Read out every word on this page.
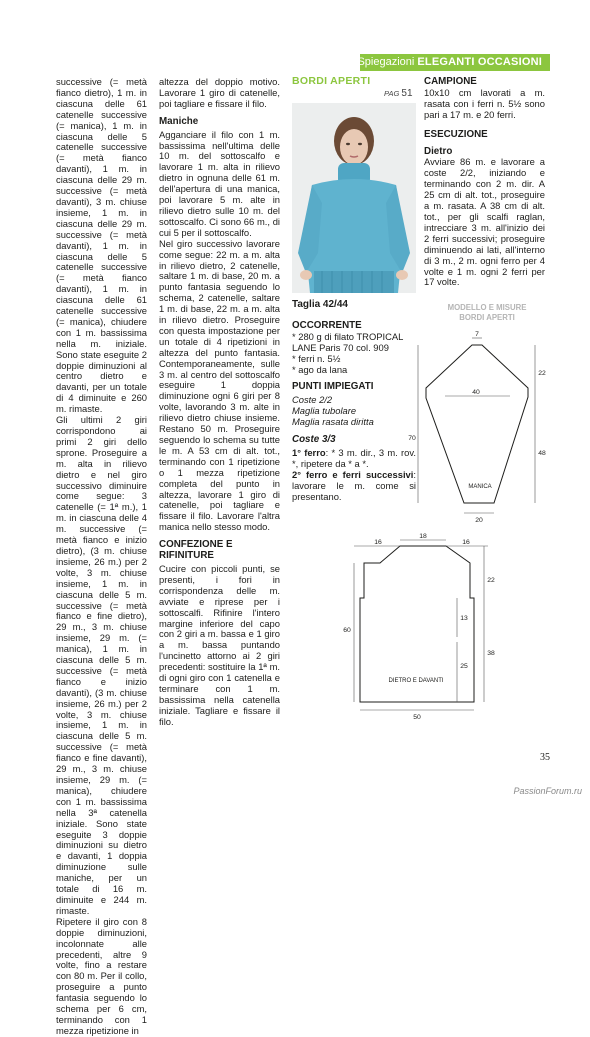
Spiegazioni ELEGANTI OCCASIONI

successive (= metà fianco dietro), 1 m. in ciascuna delle 61 catenelle successive (= manica), 1 m. in ciascuna delle 5 catenelle successive (= metà fianco davanti), 1 m. in ciascuna delle 29 m. successive (= metà davanti), 3 m. chiuse insieme, 1 m. in ciascuna delle 29 m. successive (= metà davanti), 1 m. in ciascuna delle 5 catenelle successive (= metà fianco davanti), 1 m. in ciascuna delle 61 catenelle successive (= manica), chiudere con 1 m. bassissima nella m. iniziale. Sono state eseguite 2 doppie diminuzioni al centro dietro e davanti, per un totale di 4 diminuite e 260 m. rimaste.

Gli ultimi 2 giri corrispondono ai primi 2 giri dello sprone. Proseguire a m. alta in rilievo dietro e nel giro successivo diminuire come segue: 3 catenelle (= 1ª m.), 1 m. in ciascuna delle 4 m. successive (= metà fianco e inizio dietro), (3 m. chiuse insieme, 26 m.) per 2 volte, 3 m. chiuse insieme, 1 m. in ciascuna delle 5 m. successive (= metà fianco e fine dietro), 29 m., 3 m. chiuse insieme, 29 m. (= manica), 1 m. in ciascuna delle 5 m. successive (= metà fianco e inizio davanti), (3 m. chiuse insieme, 26 m.) per 2 volte, 3 m. chiuse insieme, 1 m. in ciascuna delle 5 m. successive (= metà fianco e fine davanti), 29 m., 3 m. chiuse insieme, 29 m. (= manica), chiudere con 1 m. bassissima nella 3ª catenella iniziale. Sono state eseguite 3 doppie diminuzioni su dietro e davanti, 1 doppia diminuzione sulle maniche, per un totale di 16 m. diminuite e 244 m. rimaste.

Ripetere il giro con 8 doppie diminuzioni, incolonnate alle precedenti, altre 9 volte, fino a restare con 80 m. Per il collo, proseguire a punto fantasia seguendo lo schema per 6 cm, terminando con 1 mezza ripetizione in

altezza del doppio motivo. Lavorare 1 giro di catenelle, poi tagliare e fissare il filo.

Maniche

Agganciare il filo con 1 m. bassissima nell'ultima delle 10 m. del sottoscalfo e lavorare 1 m. alta in rilievo dietro in ognuna delle 61 m. dell'apertura di una manica, poi lavorare 5 m. alte in rilievo dietro sulle 10 m. del sottoscalfo. Ci sono 66 m., di cui 5 per il sottoscalfo.

Nel giro successivo lavorare come segue: 22 m. a m. alta in rilievo dietro, 2 catenelle, saltare 1 m. di base, 20 m. a punto fantasia seguendo lo schema, 2 catenelle, saltare 1 m. di base, 22 m. a m. alta in rilievo dietro. Proseguire con questa impostazione per un totale di 4 ripetizioni in altezza del punto fantasia. Contemporaneamente, sulle 3 m. al centro del sottoscalfo eseguire 1 doppia diminuzione ogni 6 giri per 8 volte, lavorando 3 m. alte in rilievo dietro chiuse insieme. Restano 50 m. Proseguire seguendo lo schema su tutte le m. A 53 cm di alt. tot., terminando con 1 ripetizione o 1 mezza ripetizione completa del punto in altezza, lavorare 1 giro di catenelle, poi tagliare e fissare il filo. Lavorare l'altra manica nello stesso modo.

CONFEZIONE E RIFINITURE

Cucire con piccoli punti, se presenti, i fori in corrispondenza delle m. avviate e riprese per i sottoscalfi. Rifinire l'intero margine inferiore del capo con 2 giri a m. bassa e 1 giro a m. bassa puntando l'uncinetto attorno ai 2 giri precedenti: sostituire la 1ª m. di ogni giro con 1 catenella e terminare con 1 m. bassissima nella catenella iniziale. Tagliare e fissare il filo.

BORDI APERTI
PAG 51
Taglia 42/44
OCCORRENTE
* 280 g di filato TROPICAL LANE Paris 70 col. 909
* ferri n. 5½
* ago da lana
PUNTI IMPIEGATI
Coste 2/2
Maglia tubolare
Maglia rasata diritta
Coste 3/3

1° ferro: * 3 m. dir., 3 m. rov. *, ripetere da * a *.

2° ferro e ferri successivi: lavorare le m. come si presentano.

CAMPIONE

10x10 cm lavorati a m. rasata con i ferri n. 5½ sono pari a 17 m. e 20 ferri.

ESECUZIONE
Dietro

Avviare 86 m. e lavorare a coste 2/2, iniziando e terminando con 2 m. dir. A 25 cm di alt. tot., proseguire a m. rasata. A 38 cm di alt. tot., per gli scalfi raglan, intrecciare 3 m. all'inizio dei 2 ferri successivi; proseguire diminuendo ai lati, all'interno di 3 m., 2 m. ogni ferro per 4 volte e 1 m. ogni 2 ferri per 17 volte.

MODELLO E MISURE
BORDI APERTI
7
40
22
70
48
20
MANICA
16
18
16
22
13
60
38
25
50
DIETRO E DAVANTI
35
PassionForum.ru
